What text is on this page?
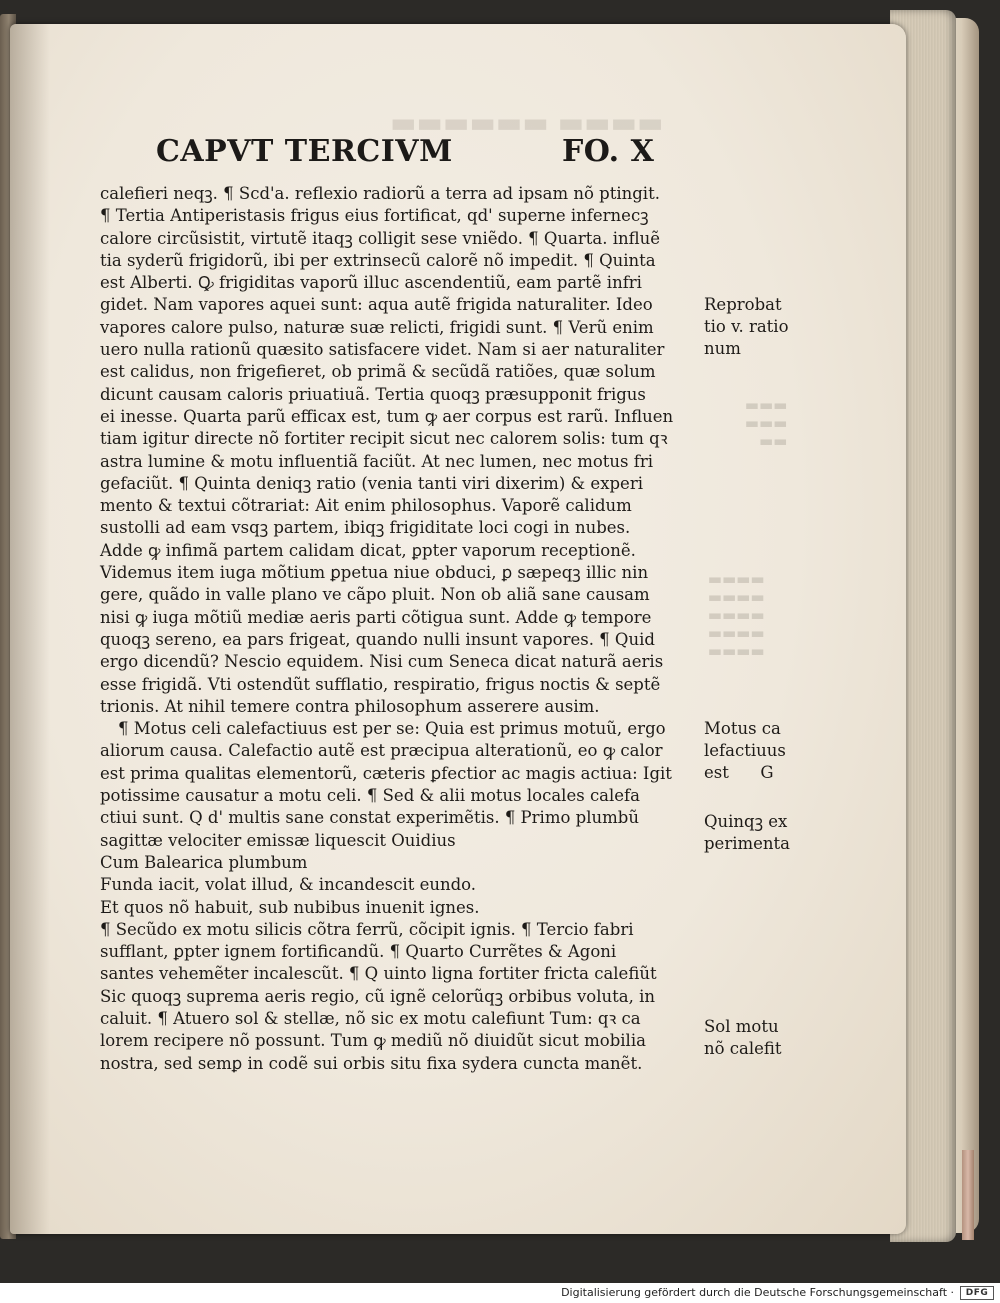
▬▬▬▬ ▬▬▬▬▬▬
▬▬▬
▬▬▬
▬▬
▬▬▬▬
▬▬▬▬
▬▬▬▬
▬▬▬▬
▬▬▬▬
CAPVT TERCIVM	FO. X
calefieri neqꝫ. ¶ Scd'a. reflexio radiorũ a terra ad ipsam nõ ptingit.
¶ Tertia Antiperistasis frigus eius fortificat, qd' superne infernecꝫ
calore circũsistit, virtutẽ itaqꝫ colligit sese vniẽdo. ¶ Quarta. influẽ
tia syderũ frigidorũ, ibi per extrinsecũ calorẽ nõ impedit. ¶ Quinta
est Alberti. Ꝙ frigiditas vaporũ illuc ascendentiũ, eam partẽ infri
gidet. Nam vapores aquei sunt: aqua autẽ frigida naturaliter. Ideo
vapores calore pulso, naturæ suæ relicti, frigidi sunt. ¶ Verũ enim
uero nulla rationũ quæsito satisfacere videt. Nam si aer naturaliter
est calidus, non frigefieret, ob primã & secũdã ratiões, quæ solum
dicunt causam caloris priuatiuã. Tertia quoqꝫ præsupponit frigus
ei inesse. Quarta parũ efficax est, tum ꝙ aer corpus est rarũ. Influen
tiam igitur directe nõ fortiter recipit sicut nec calorem solis: tum qꝛ
astra lumine & motu influentiã faciũt. At nec lumen, nec motus fri
gefaciũt. ¶ Quinta deniqꝫ ratio (venia tanti viri dixerim) & experi
mento & textui cõtrariat: Ait enim philosophus. Vaporẽ calidum
sustolli ad eam vsqꝫ partem, ibiqꝫ frigiditate loci cogi in nubes.
Adde ꝙ infimã partem calidam dicat, ꝑpter vaporum receptionẽ.
Videmus item iuga mõtium ꝑpetua niue obduci, ꝑ sæpeqꝫ illic nin
gere, quãdo in valle plano ve cãpo pluit. Non ob aliã sane causam
nisi ꝙ iuga mõtiũ mediæ aeris parti cõtigua sunt. Adde ꝙ tempore
quoqꝫ sereno, ea pars frigeat, quando nulli insunt vapores. ¶ Quid
ergo dicendũ? Nescio equidem. Nisi cum Seneca dicat naturã aeris
esse frigidã. Vti ostendũt sufflatio, respiratio, frigus noctis & septẽ
trionis. At nihil temere contra philosophum asserere ausim.
¶ Motus celi calefactiuus est per se: Quia est primus motuũ, ergo
aliorum causa. Calefactio autẽ est præcipua alterationũ, eo ꝙ calor
est prima qualitas elementorũ, cæteris ꝑfectior ac magis actiua: Igit
potissime causatur a motu celi. ¶ Sed & alii motus locales calefa
ctiui sunt. Q d' multis sane constat experimẽtis. ¶ Primo plumbũ
sagittæ velociter emissæ liquescit Ouidius
Cum Balearica plumbum
Funda iacit, volat illud, & incandescit eundo.
Et quos nõ habuit, sub nubibus inuenit ignes.
¶ Secũdo ex motu silicis cõtra ferrũ, cõcipit ignis. ¶ Tercio fabri
sufflant, ꝑpter ignem fortificandũ. ¶ Quarto Currẽtes & Agoni
santes vehemẽter incalescũt. ¶ Q uinto ligna fortiter fricta calefiũt
Sic quoqꝫ suprema aeris regio, cũ ignẽ celorũqꝫ orbibus voluta, in
caluit. ¶ Atuero sol & stellæ, nõ sic ex motu calefiunt Tum: qꝛ ca
lorem recipere nõ possunt. Tum ꝙ mediũ nõ diuidũt sicut mobilia
nostra, sed semꝑ in codẽ sui orbis situ fixa sydera cuncta manẽt.

Reprobat
tio v. ratio
num

Motus ca
lefactiuus
est      G

Quinqꝫ ex
perimenta

Sol motu
nõ calefit

Digitalisierung gefördert durch die Deutsche Forschungsgemeinschaft ·	DFG
